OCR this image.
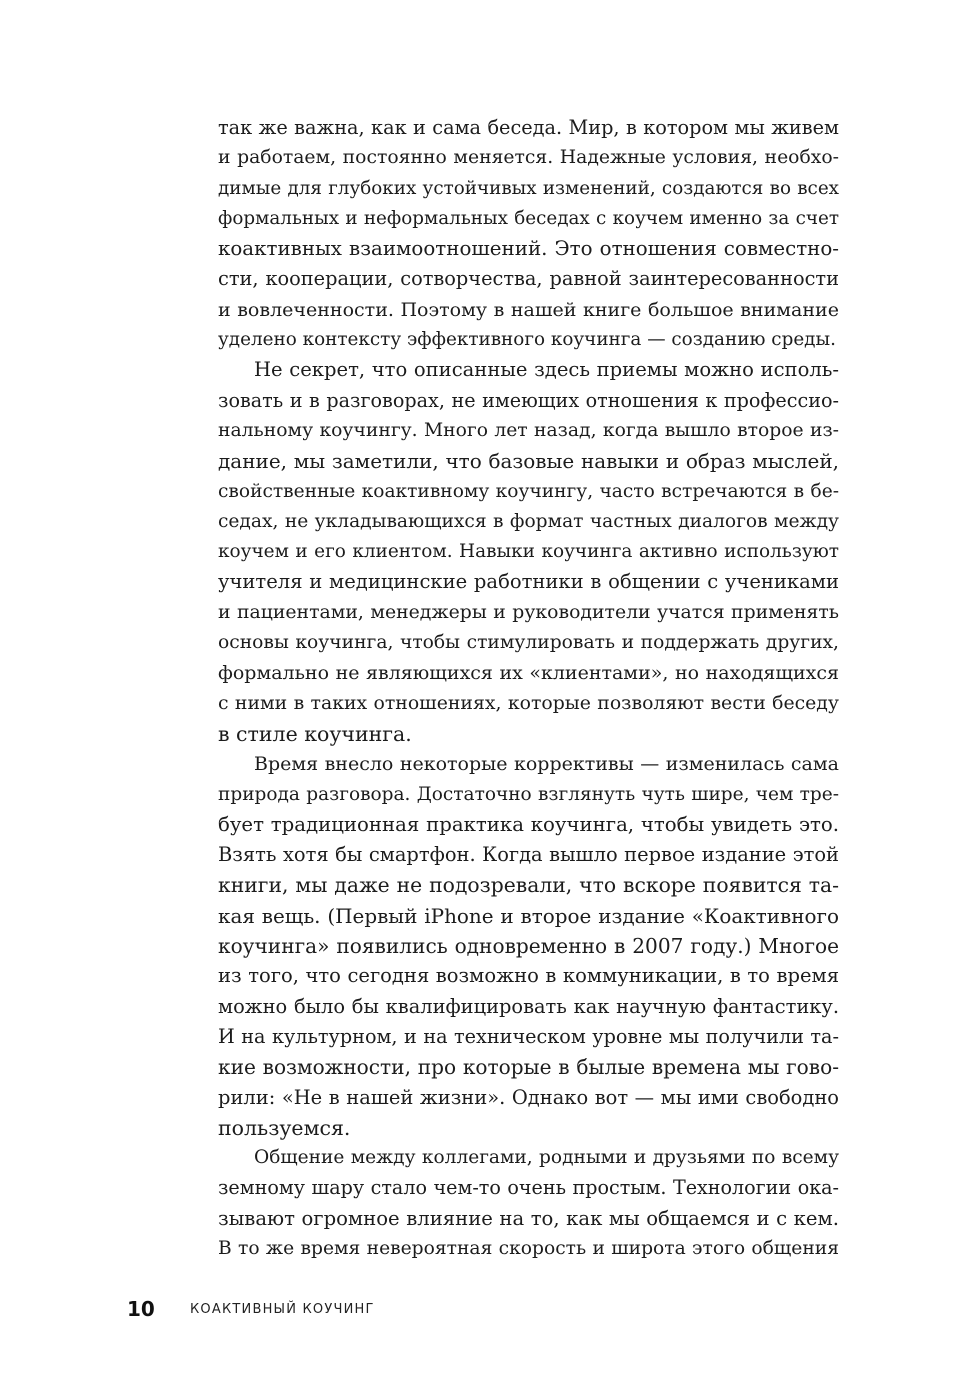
так же важна, как и сама беседа. Мир, в котором мы живем
и работаем, постоянно меняется. Надежные условия, необхо-
димые для глубоких устойчивых изменений, создаются во всех
формальных и неформальных беседах с коучем именно за счет
коактивных взаимоотношений. Это отношения совместно-
сти, кооперации, сотворчества, равной заинтересованности
и вовлеченности. Поэтому в нашей книге большое внимание
уделено контексту эффективного коучинга — созданию среды.
Не секрет, что описанные здесь приемы можно исполь-
зовать и в разговорах, не имеющих отношения к профессио-
нальному коучингу. Много лет назад, когда вышло второе из-
дание, мы заметили, что базовые навыки и образ мыслей,
свойственные коактивному коучингу, часто встречаются в бе-
седах, не укладывающихся в формат частных диалогов между
коучем и его клиентом. Навыки коучинга активно используют
учителя и медицинские работники в общении с учениками
и пациентами, менеджеры и руководители учатся применять
основы коучинга, чтобы стимулировать и поддержать других,
формально не являющихся их «клиентами», но находящихся
с ними в таких отношениях, которые позволяют вести беседу
в стиле коучинга.
Время внесло некоторые коррективы — изменилась сама
природа разговора. Достаточно взглянуть чуть шире, чем тре-
бует традиционная практика коучинга, чтобы увидеть это.
Взять хотя бы смартфон. Когда вышло первое издание этой
книги, мы даже не подозревали, что вскоре появится та-
кая вещь. (Первый iPhone и второе издание «Коактивного
коучинга» появились одновременно в 2007 году.) Многое
из того, что сегодня возможно в коммуникации, в то время
можно было бы квалифицировать как научную фантастику.
И на культурном, и на техническом уровне мы получили та-
кие возможности, про которые в былые времена мы гово-
рили: «Не в нашей жизни». Однако вот — мы ими свободно
пользуемся.
Общение между коллегами, родными и друзьями по всему
земному шару стало чем-то очень простым. Технологии ока-
зывают огромное влияние на то, как мы общаемся и с кем.
В то же время невероятная скорость и широта этого общения
10	КОАКТИВНЫЙ КОУЧИНГ
